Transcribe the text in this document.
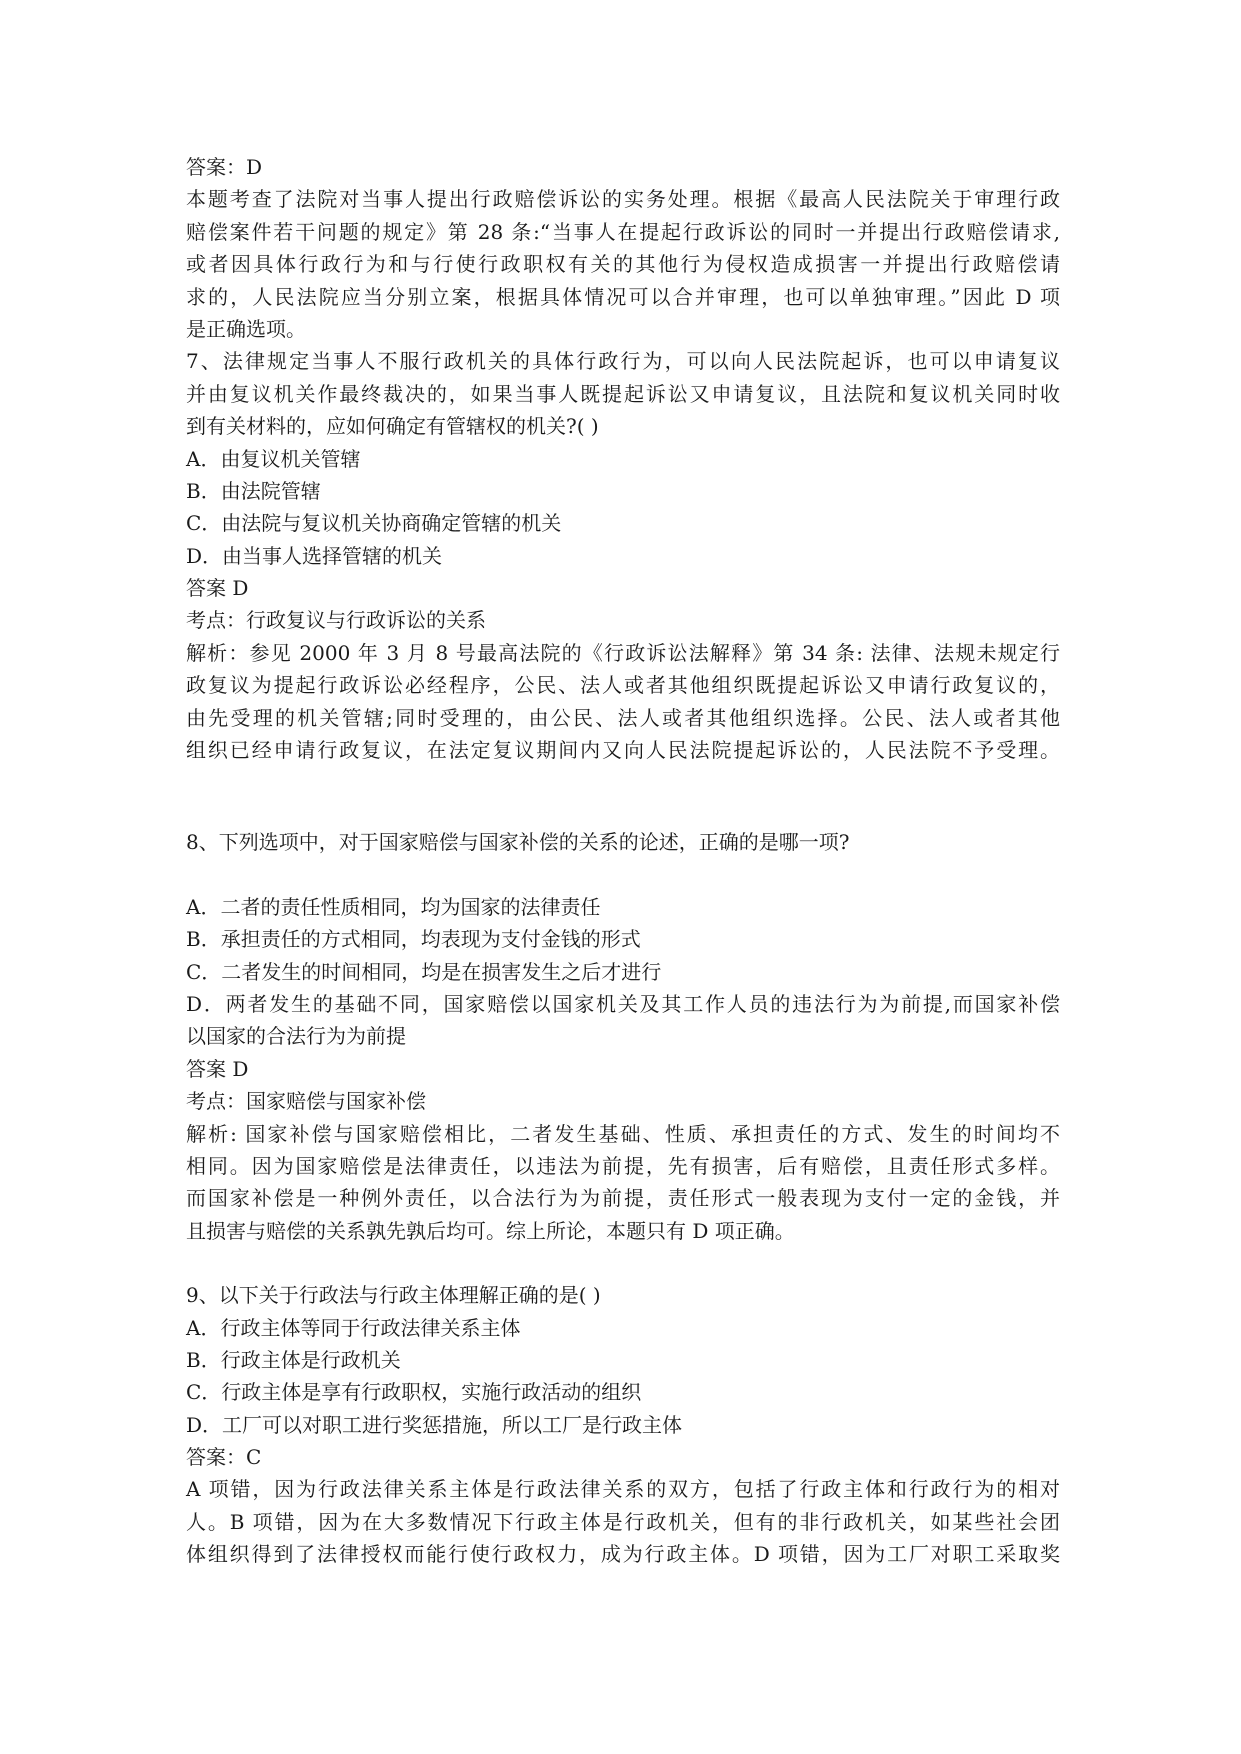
答案：D
本题考查了法院对当事人提出行政赔偿诉讼的实务处理。根据《最高人民法院关于审理行政
赔偿案件若干问题的规定》第 28 条:“当事人在提起行政诉讼的同时一并提出行政赔偿请求,
或者因具体行政行为和与行使行政职权有关的其他行为侵权造成损害一并提出行政赔偿请
求的，人民法院应当分别立案，根据具体情况可以合并审理，也可以单独审理。”因此 D 项
是正确选项。
7、法律规定当事人不服行政机关的具体行政行为，可以向人民法院起诉，也可以申请复议
并由复议机关作最终裁决的，如果当事人既提起诉讼又申请复议，且法院和复议机关同时收
到有关材料的，应如何确定有管辖权的机关?( )
A．由复议机关管辖
B．由法院管辖
C．由法院与复议机关协商确定管辖的机关
D．由当事人选择管辖的机关
答案 D
考点：行政复议与行政诉讼的关系
解析：参见 2000 年 3 月 8 号最高法院的《行政诉讼法解释》第 34 条: 法律、法规未规定行
政复议为提起行政诉讼必经程序，公民、法人或者其他组织既提起诉讼又申请行政复议的，
由先受理的机关管辖;同时受理的，由公民、法人或者其他组织选择。公民、法人或者其他
组织已经申请行政复议，在法定复议期间内又向人民法院提起诉讼的，人民法院不予受理。
8、下列选项中，对于国家赔偿与国家补偿的关系的论述，正确的是哪一项?
A．二者的责任性质相同，均为国家的法律责任
B．承担责任的方式相同，均表现为支付金钱的形式
C．二者发生的时间相同，均是在损害发生之后才进行
D．两者发生的基础不同，国家赔偿以国家机关及其工作人员的违法行为为前提,而国家补偿
以国家的合法行为为前提
答案 D
考点：国家赔偿与国家补偿
解析: 国家补偿与国家赔偿相比，二者发生基础、性质、承担责任的方式、发生的时间均不
相同。因为国家赔偿是法律责任，以违法为前提，先有损害，后有赔偿，且责任形式多样。
而国家补偿是一种例外责任，以合法行为为前提，责任形式一般表现为支付一定的金钱，并
且损害与赔偿的关系孰先孰后均可。综上所论，本题只有 D 项正确。
9、以下关于行政法与行政主体理解正确的是( )
A．行政主体等同于行政法律关系主体
B．行政主体是行政机关
C．行政主体是享有行政职权，实施行政活动的组织
D．工厂可以对职工进行奖惩措施，所以工厂是行政主体
答案：C
A 项错，因为行政法律关系主体是行政法律关系的双方，包括了行政主体和行政行为的相对
人。B 项错，因为在大多数情况下行政主体是行政机关，但有的非行政机关，如某些社会团
体组织得到了法律授权而能行使行政权力，成为行政主体。D 项错，因为工厂对职工采取奖
